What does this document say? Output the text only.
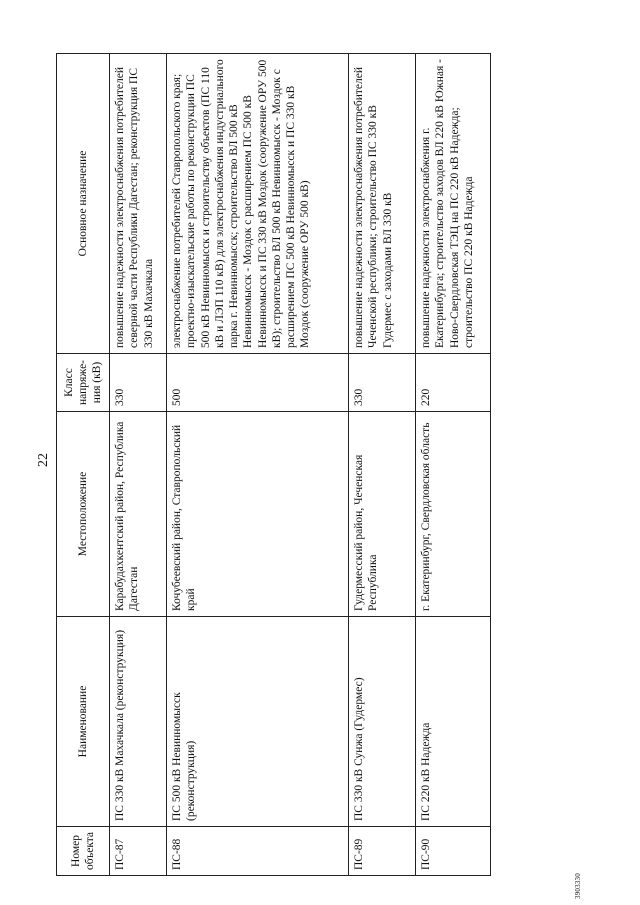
22
Номер объекта	Наименование	Местоположение	Класс напряже-ния (кВ)	Основное назначение
ПС-87	ПС 330 кВ Махачкала (реконструкция)	Карабудахкентский район, Республика Дагестан	330	повышение надежности электроснабжения потребителей северной части Республики Дагестан; реконструкция ПС 330 кВ Махачкала
ПС-88	ПС 500 кВ Невинномысск (реконструкция)	Кочубеевский район, Ставропольский край	500	электроснабжение потребителей Ставропольского края; проектно-изыскательские работы по реконструкции ПС 500 кВ Невинномысск и строительству объектов (ПС 110 кВ и ЛЭП 110 кВ) для электроснабжения индустриального парка г. Невинномысск; строительство ВЛ 500 кВ Невинномысск - Моздок с расширением ПС 500 кВ Невинномысск и ПС 330 кВ Моздок (сооружение ОРУ 500 кВ); строительство ВЛ 500 кВ Невинномысск - Моздок с расширением ПС 500 кВ Невинномысск и ПС 330 кВ Моздок (сооружение ОРУ 500 кВ)
ПС-89	ПС 330 кВ Сунжа (Гудермес)	Гудермесский район, Чеченская Республика	330	повышение надежности электроснабжения потребителей Чеченской республики; строительство ПС 330 кВ Гудермес с заходами ВЛ 330 кВ
ПС-90	ПС 220 кВ Надежда	г. Екатеринбург, Свердловская область	220	повышение надежности электроснабжения г. Екатеринбурга; строительство заходов ВЛ 220 кВ Южная - Ново-Свердловская ТЭЦ на ПС 220 кВ Надежда; строительство ПС 220 кВ Надежда
3903330
